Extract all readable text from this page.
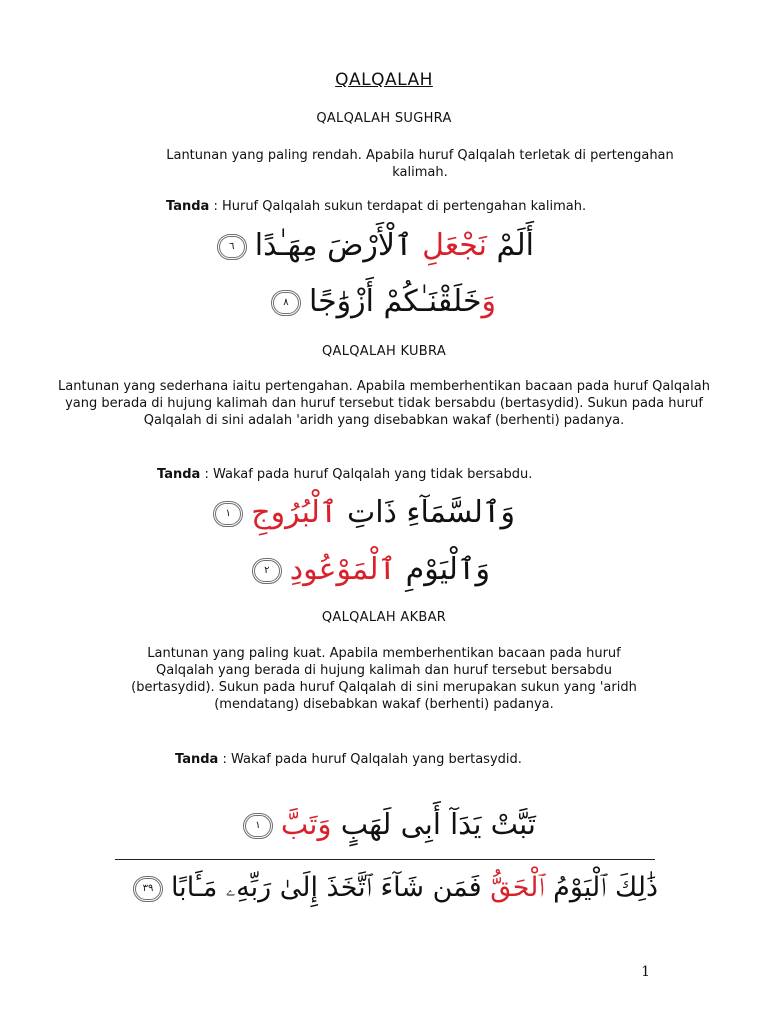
QALQALAH
QALQALAH SUGHRA
Lantunan yang paling rendah. Apabila huruf Qalqalah terletak di pertengahan kalimah.
Tanda : Huruf Qalqalah sukun terdapat di pertengahan kalimah.
أَلَمْ نَجْعَلِ ٱلْأَرْضَ مِهَـٰدًا٦
وَخَلَقْنَـٰكُمْ أَزْوَٰجًا٨
QALQALAH KUBRA
Lantunan yang sederhana iaitu pertengahan. Apabila memberhentikan bacaan pada huruf Qalqalah yang berada di hujung kalimah dan huruf tersebut tidak bersabdu (bertasydid). Sukun pada huruf Qalqalah di sini adalah 'aridh yang disebabkan wakaf (berhenti) padanya.
Tanda : Wakaf pada huruf Qalqalah yang tidak bersabdu.
وَٱلسَّمَآءِ ذَاتِ ٱلْبُرُوجِ١
وَٱلْيَوْمِ ٱلْمَوْعُودِ٢
QALQALAH AKBAR
Lantunan yang paling kuat. Apabila memberhentikan bacaan pada huruf Qalqalah yang berada di hujung kalimah dan huruf tersebut bersabdu (bertasydid). Sukun pada huruf Qalqalah di sini merupakan sukun yang 'aridh (mendatang) disebabkan wakaf (berhenti) padanya.
Tanda : Wakaf pada huruf Qalqalah yang bertasydid.
تَبَّتْ يَدَآ أَبِى لَهَبٍ وَتَبَّ١
ذَٰلِكَ ٱلْيَوْمُ ٱلْحَقُّ فَمَن شَآءَ ٱتَّخَذَ إِلَىٰ رَبِّهِۦ مَـَٔابًا٣٩
1
